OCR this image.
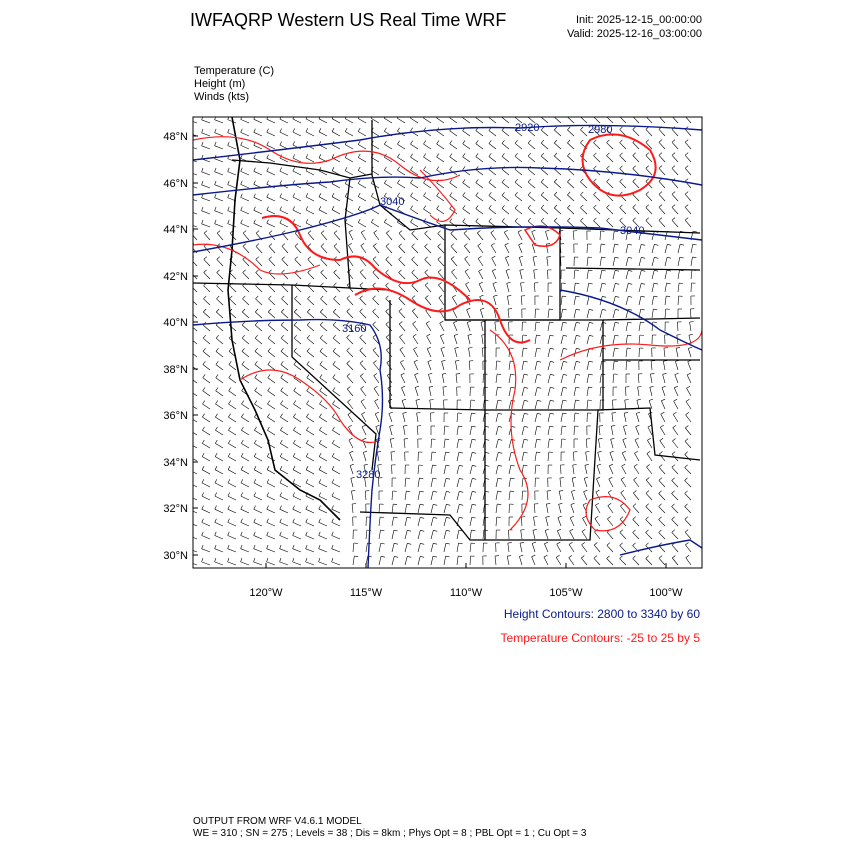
IWFAQRP Western US Real Time WRF	Init: 2025-12-15_00:00:00
Valid: 2025-12-16_03:00:00
Temperature (C)
Height (m)
Winds (kts)
2920	2980
3040
3040
3160
3280
48°N
46°N
44°N
42°N
40°N
38°N
36°N
34°N
32°N
30°N
120°W	115°W	110°W	105°W	100°W
Height Contours: 2800 to 3340 by 60
Temperature Contours: -25 to 25 by 5
OUTPUT FROM WRF V4.6.1 MODEL
WE = 310 ; SN = 275 ; Levels = 38 ; Dis = 8km ; Phys Opt = 8 ; PBL Opt = 1 ; Cu Opt = 3
